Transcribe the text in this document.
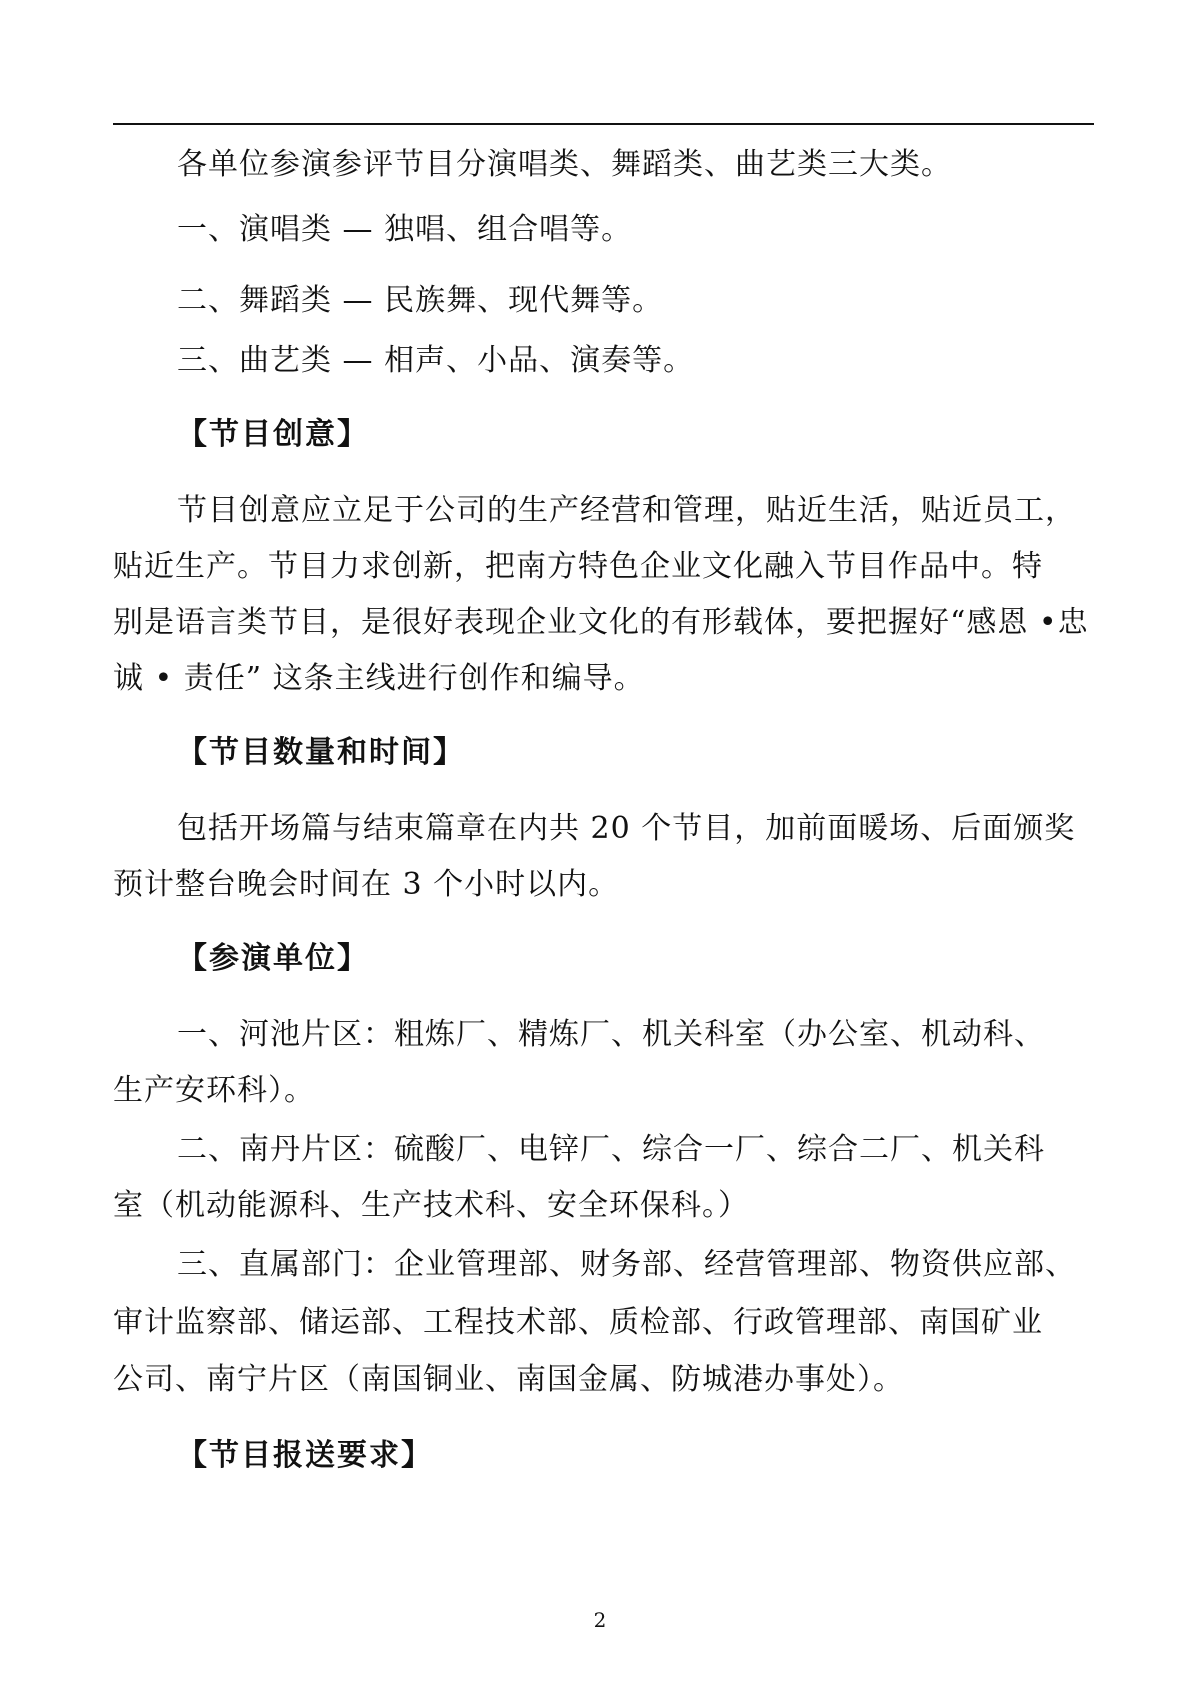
各单位参演参评节目分演唱类、舞蹈类、曲艺类三大类。
一、演唱类 — 独唱、组合唱等。
二、舞蹈类 — 民族舞、现代舞等。
三、曲艺类 — 相声、小品、演奏等。
【节目创意】
节目创意应立足于公司的生产经营和管理，贴近生活，贴近员工，
贴近生产。节目力求创新，把南方特色企业文化融入节目作品中。特
别是语言类节目，是很好表现企业文化的有形载体，要把握好“感恩 •忠
诚 • 责任” 这条主线进行创作和编导。
【节目数量和时间】
包括开场篇与结束篇章在内共 20 个节目，加前面暖场、后面颁奖
预计整台晚会时间在 3 个小时以内。
【参演单位】
一、河池片区：粗炼厂、精炼厂、机关科室（办公室、机动科、
生产安环科）。
二、南丹片区：硫酸厂、电锌厂、综合一厂、综合二厂、机关科
室（机动能源科、生产技术科、安全环保科。）
三、直属部门：企业管理部、财务部、经营管理部、物资供应部、
审计监察部、储运部、工程技术部、质检部、行政管理部、南国矿业
公司、南宁片区（南国铜业、南国金属、防城港办事处）。
【节目报送要求】
2
